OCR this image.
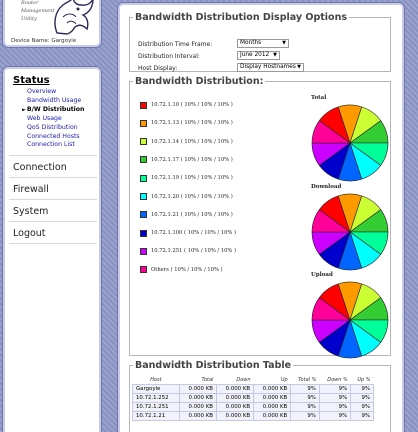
Router
Management
Utility
Device Name: Gargoyle
Status
Overview
Bandwidth Usage
►B/W Distribution
Web Usage
QoS Distribution
Connected Hosts
Connection List
Connection
Firewall
System
Logout
Bandwidth Distribution Display Options
Distribution Time Frame:	Months	▼
Distribution Interval:	June 2012 ▼
Host Display:	Display Hostnames ▼
Bandwidth Distribution:
10.72.1.10 ( 10% / 10% / 10% )
10.72.1.13 ( 10% / 10% / 10% )
10.72.1.14 ( 10% / 10% / 10% )
10.72.1.17 ( 10% / 10% / 10% )
10.72.1.19 ( 10% / 10% / 10% )
10.72.1.20 ( 10% / 10% / 10% )
10.72.1.21 ( 10% / 10% / 10% )
10.72.1.100 ( 10% / 10% / 10% )
10.72.1.251 ( 10% / 10% / 10% )
Others ( 10% / 10% / 10% )
Total
Download
Upload
Bandwidth Distribution Table
Host	Total	Down	Up	Total %	Down %	Up %
Gargoyle	0.000 KB	0.000 KB	0.000 KB	9%	9%	9%
10.72.1.252	0.000 KB	0.000 KB	0.000 KB	9%	9%	9%
10.72.1.251	0.000 KB	0.000 KB	0.000 KB	9%	9%	9%
10.72.1.21	0.000 KB	0.000 KB	0.000 KB	9%	9%	9%
